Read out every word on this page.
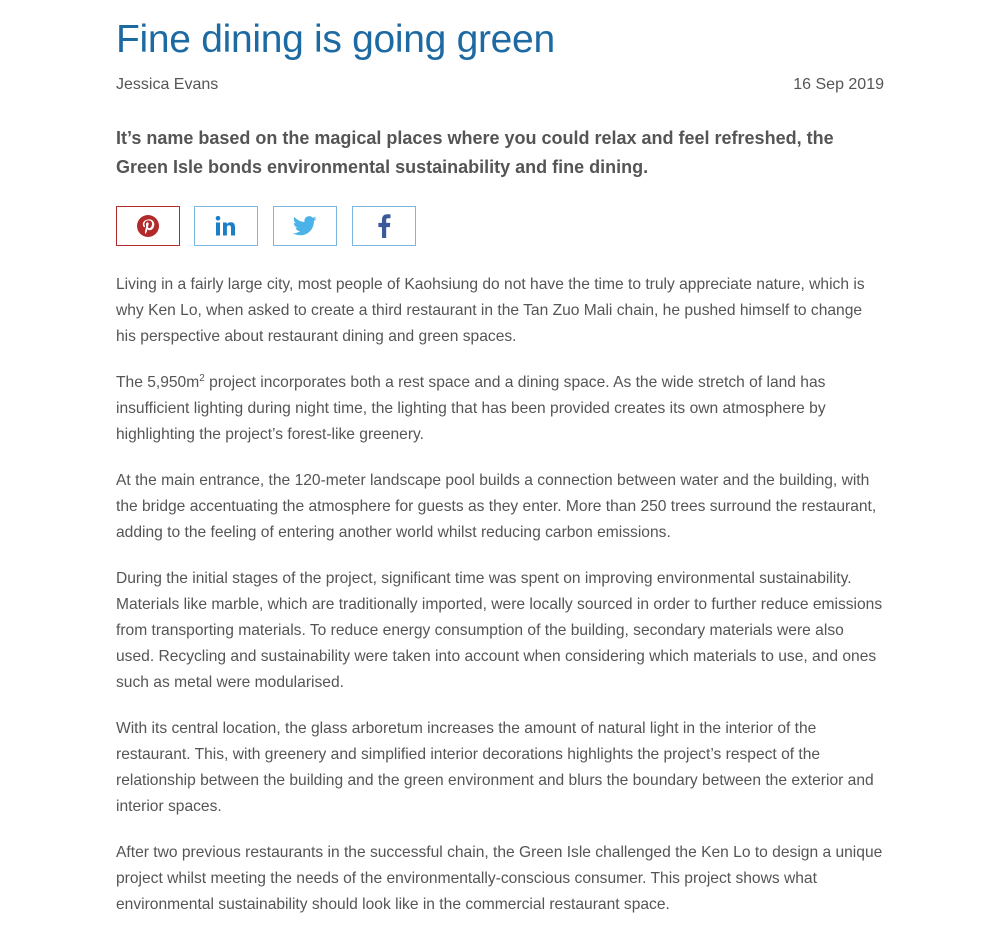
Fine dining is going green
Jessica Evans	16 Sep 2019

It’s name based on the magical places where you could relax and feel refreshed, the Green Isle bonds environmental sustainability and fine dining.

Living in a fairly large city, most people of Kaohsiung do not have the time to truly appreciate nature, which is why Ken Lo, when asked to create a third restaurant in the Tan Zuo Mali chain, he pushed himself to change his perspective about restaurant dining and green spaces.

The $5,950m^2$ project incorporates both a rest space and a dining space. As the wide stretch of land has insufficient lighting during night time, the lighting that has been provided creates its own atmosphere by highlighting the project’s forest-like greenery.

At the main entrance, the 120-meter landscape pool builds a connection between water and the building, with the bridge accentuating the atmosphere for guests as they enter. More than 250 trees surround the restaurant, adding to the feeling of entering another world whilst reducing carbon emissions.

During the initial stages of the project, significant time was spent on improving environmental sustainability. Materials like marble, which are traditionally imported, were locally sourced in order to further reduce emissions from transporting materials. To reduce energy consumption of the building, secondary materials were also used. Recycling and sustainability were taken into account when considering which materials to use, and ones such as metal were modularised.

With its central location, the glass arboretum increases the amount of natural light in the interior of the restaurant. This, with greenery and simplified interior decorations highlights the project’s respect of the relationship between the building and the green environment and blurs the boundary between the exterior and interior spaces.

After two previous restaurants in the successful chain, the Green Isle challenged the Ken Lo to design a unique project whilst meeting the needs of the environmentally-conscious consumer. This project shows what environmental sustainability should look like in the commercial restaurant space.
